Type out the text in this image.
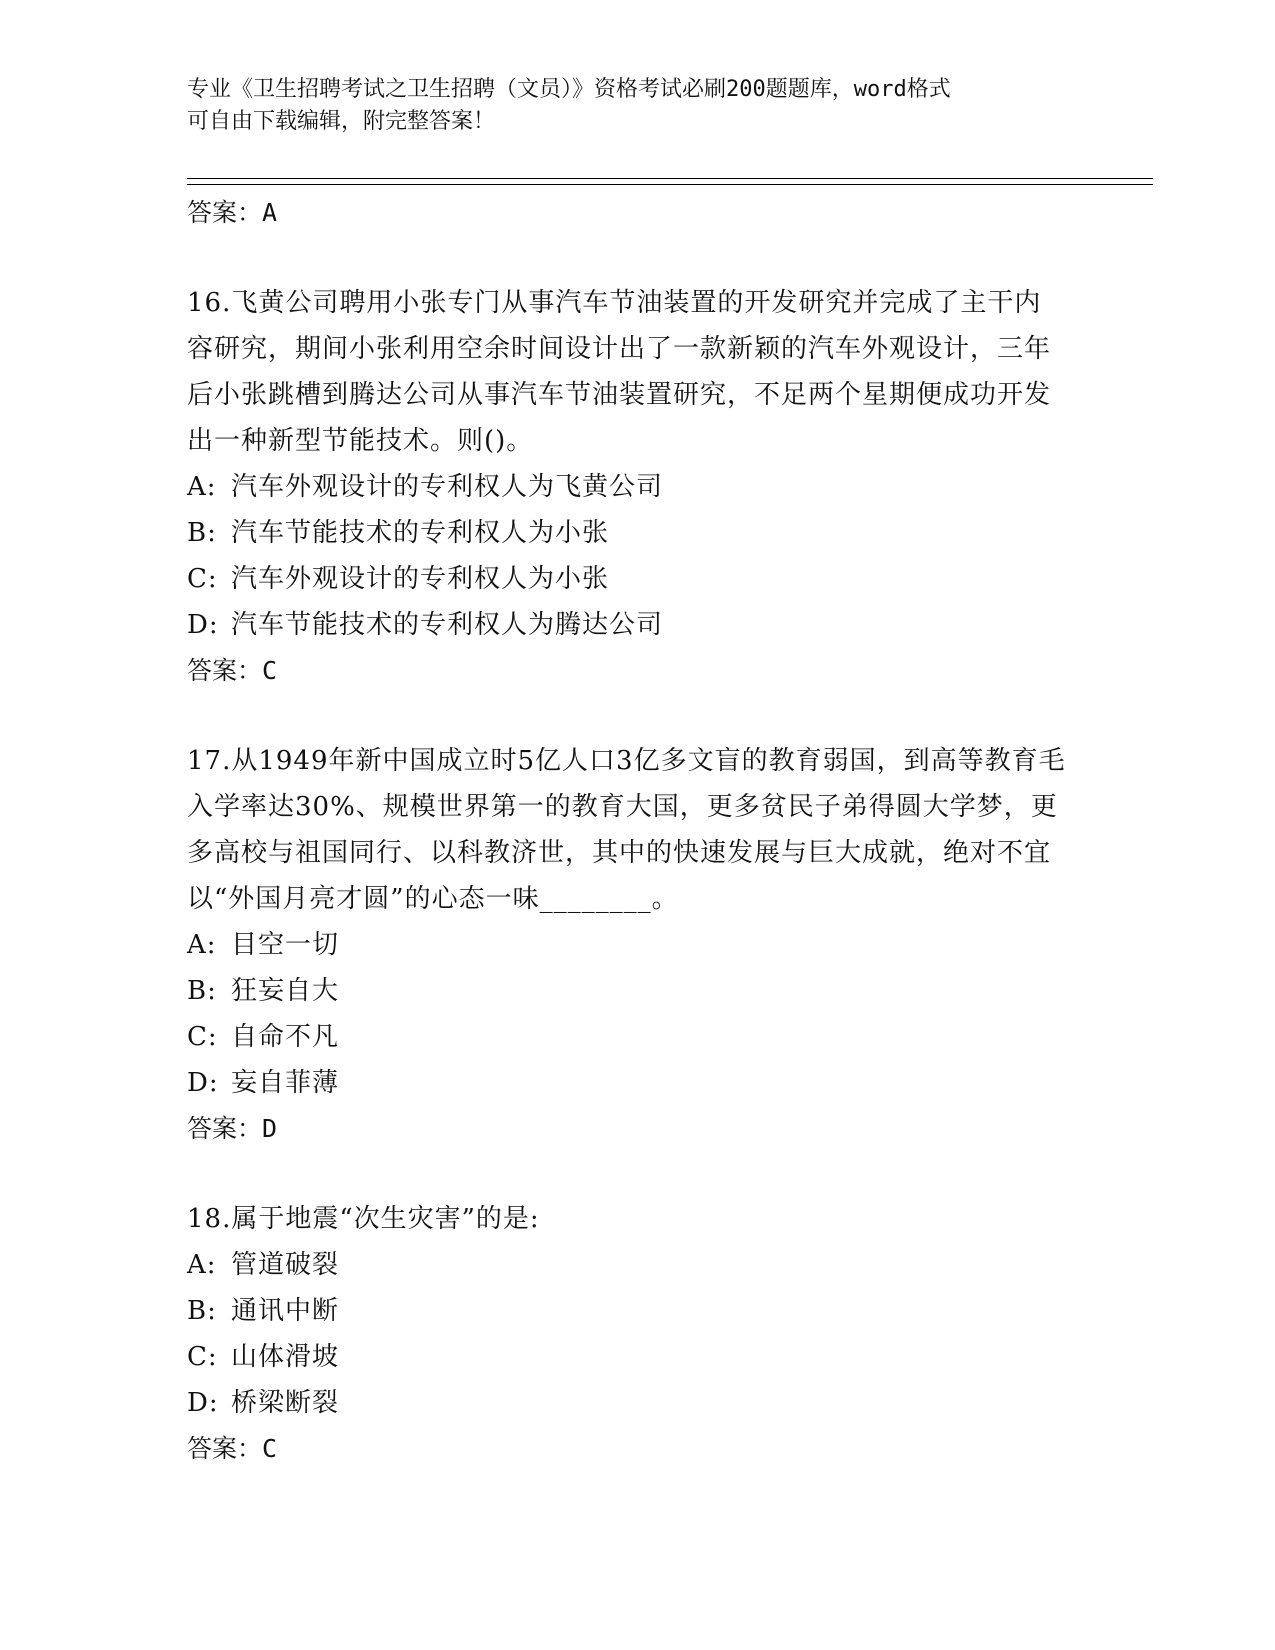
专业《卫生招聘考试之卫生招聘（文员）》资格考试必刷200题题库，word格式
可自由下载编辑，附完整答案！
答案：A
16.飞黄公司聘用小张专门从事汽车节油装置的开发研究并完成了主干内容研究，期间小张利用空余时间设计出了一款新颖的汽车外观设计，三年后小张跳槽到腾达公司从事汽车节油装置研究，不足两个星期便成功开发出一种新型节能技术。则()。
A: 汽车外观设计的专利权人为飞黄公司
B: 汽车节能技术的专利权人为小张
C: 汽车外观设计的专利权人为小张
D: 汽车节能技术的专利权人为腾达公司
答案：C
17.从1949年新中国成立时5亿人口3亿多文盲的教育弱国，到高等教育毛入学率达30%、规模世界第一的教育大国，更多贫民子弟得圆大学梦，更多高校与祖国同行、以科教济世，其中的快速发展与巨大成就，绝对不宜以“外国月亮才圆”的心态一味________。
A: 目空一切
B: 狂妄自大
C: 自命不凡
D: 妄自菲薄
答案：D
18.属于地震“次生灾害”的是:
A: 管道破裂
B: 通讯中断
C: 山体滑坡
D: 桥梁断裂
答案：C
